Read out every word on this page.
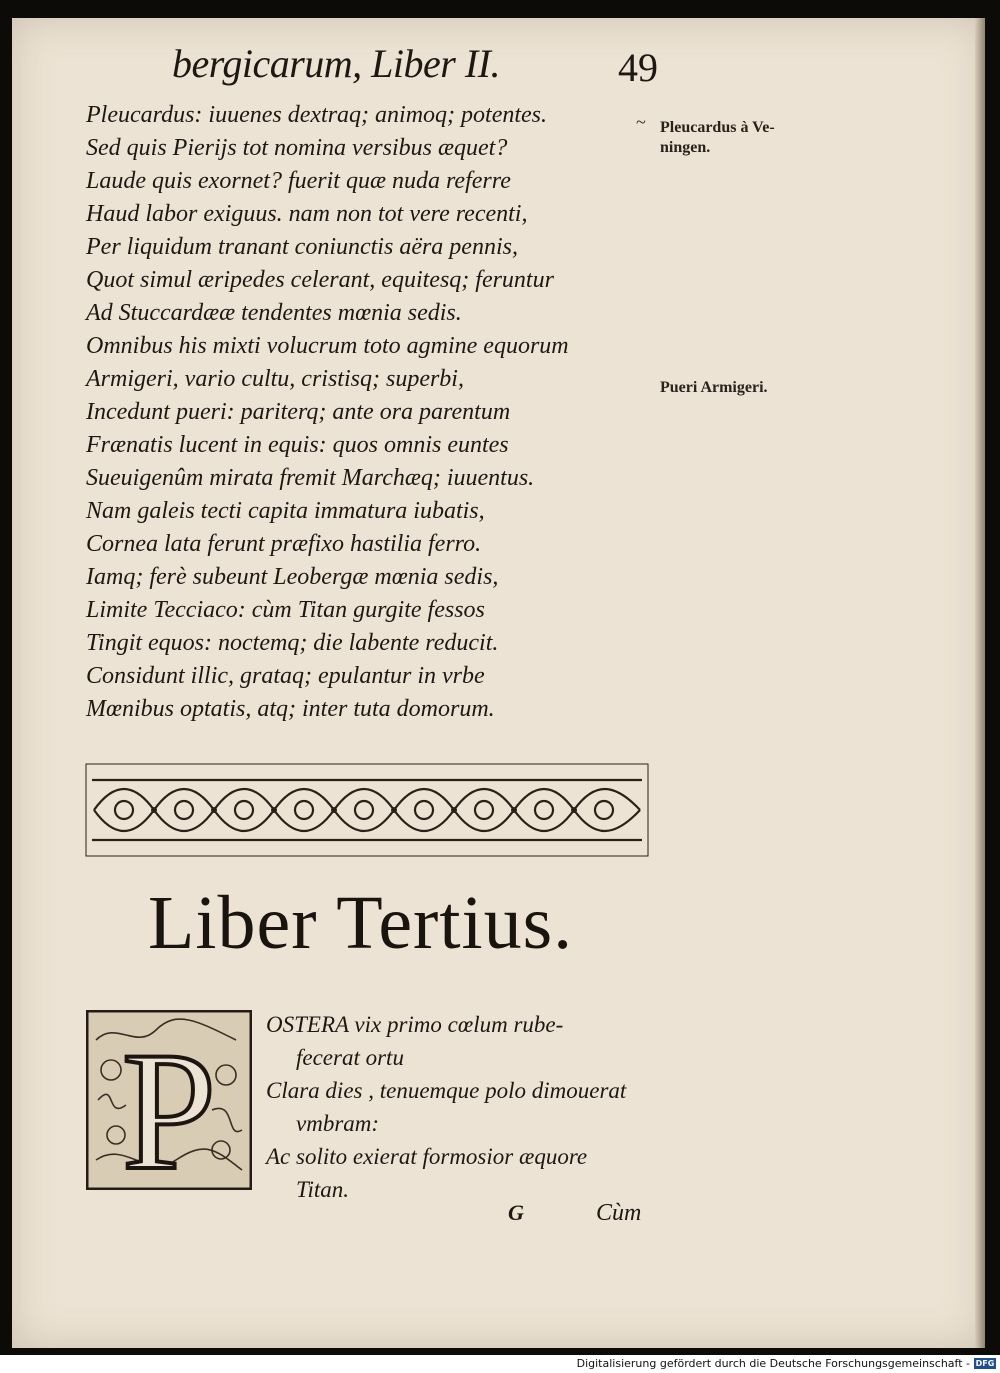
bergicarum, Liber II.	49
Pleucardus: iuuenes dextraq; animoq; potentes.
Sed quis Pierijs tot nomina versibus æquet?
Laude quis exornet? fuerit quæ nuda referre
Haud labor exiguus. nam non tot vere recenti,
Per liquidum tranant coniunctis aëra pennis,
Quot simul æripedes celerant, equitesq; feruntur
Ad Stuccardææ tendentes mœnia sedis.
Omnibus his mixti volucrum toto agmine equorum
Armigeri, vario cultu, cristisq; superbi,
Incedunt pueri: pariterq; ante ora parentum
Frænatis lucent in equis: quos omnis euntes
Sueuigenûm mirata fremit Marchæq; iuuentus.
Nam galeis tecti capita immatura iubatis,
Cornea lata ferunt præfixo hastilia ferro.
Iamq; ferè subeunt Leobergæ mœnia sedis,
Limite Tecciaco: cùm Titan gurgite fessos
Tingit equos: noctemq; die labente reducit.
Considunt illic, grataq; epulantur in vrbe
Mœnibus optatis, atq; inter tuta domorum.
~ Pleucardus à Ve-
ningen.
Pueri Armigeri.
Liber Tertius.
P OSTERA vix primo cœlum rube-
fecerat ortu
Clara dies , tenuemque polo dimouerat
vmbram:
Ac solito exierat formosior æquore
Titan.
G	Cùm
Digitalisierung gefördert durch die Deutsche Forschungsgemeinschaft - DFG
